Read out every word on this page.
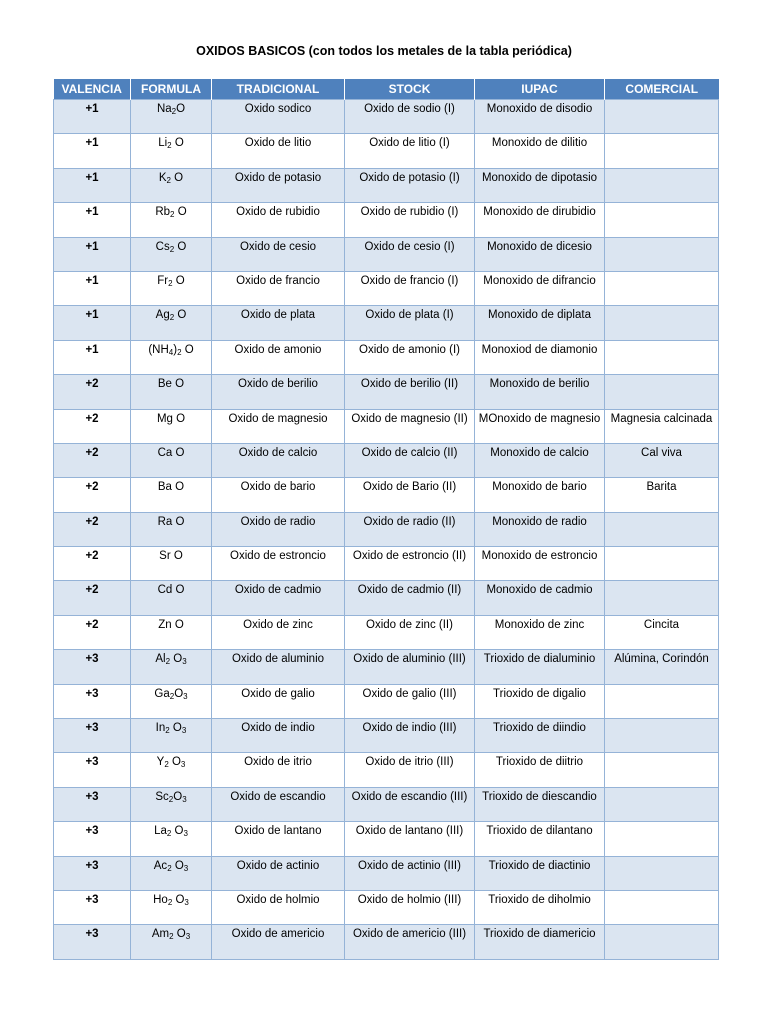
OXIDOS BASICOS (con todos los metales de la tabla periódica)
VALENCIA	FORMULA	TRADICIONAL	STOCK	IUPAC	COMERCIAL
+1	$Na_2O$	Oxido sodico	Oxido de sodio (I)	Monoxido de disodio	
+1	$Li_2$ O	Oxido de litio	Oxido de litio (I)	Monoxido de dilitio	
+1	$K_2$ O	Oxido de potasio	Oxido de potasio (I)	Monoxido de dipotasio	
+1	$Rb_2$ O	Oxido de rubidio	Oxido de rubidio (I)	Monoxido de dirubidio	
+1	$Cs_2$ O	Oxido de cesio	Oxido de cesio (I)	Monoxido de dicesio	
+1	$Fr_2$ O	Oxido de francio	Oxido de francio (I)	Monoxido de difrancio	
+1	$Ag_2$ O	Oxido de plata	Oxido de plata (I)	Monoxido de diplata	
+1	$(NH_4)_2$ O	Oxido de amonio	Oxido de amonio (I)	Monoxiod de diamonio	
+2	Be O	Oxido de berilio	Oxido de berilio (II)	Monoxido de berilio	
+2	Mg O	Oxido de magnesio	Oxido de magnesio (II)	MOnoxido de magnesio	Magnesia calcinada
+2	Ca O	Oxido de calcio	Oxido de calcio (II)	Monoxido de calcio	Cal viva
+2	Ba O	Oxido de bario	Oxido de Bario (II)	Monoxido de bario	Barita
+2	Ra O	Oxido de radio	Oxido de radio (II)	Monoxido de radio	
+2	Sr O	Oxido de estroncio	Oxido de estroncio (II)	Monoxido de estroncio	
+2	Cd O	Oxido de cadmio	Oxido de cadmio (II)	Monoxido de cadmio	
+2	Zn O	Oxido de zinc	Oxido de zinc (II)	Monoxido de zinc	Cincita
+3	$Al_2$ $O_3$	Oxido de aluminio	Oxido de aluminio (III)	Trioxido de dialuminio	Alúmina, Corindón
+3	$Ga_2O_3$	Oxido de galio	Oxido de galio (III)	Trioxido de digalio	
+3	$In_2$ $O_3$	Oxido de indio	Oxido de indio (III)	Trioxido de diindio	
+3	$Y_2$ $O_3$	Oxido de itrio	Oxido de itrio (III)	Trioxido de diitrio	
+3	$Sc_2O_3$	Oxido de escandio	Oxido de escandio (III)	Trioxido de diescandio	
+3	$La_2$ $O_3$	Oxido de lantano	Oxido de lantano (III)	Trioxido de dilantano	
+3	$Ac_2$ $O_3$	Oxido de actinio	Oxido de actinio (III)	Trioxido de diactinio	
+3	$Ho_2$ $O_3$	Oxido de holmio	Oxido de holmio (III)	Trioxido de diholmio	
+3	$Am_2$ $O_3$	Oxido de americio	Oxido de americio (III)	Trioxido de diamericio	
